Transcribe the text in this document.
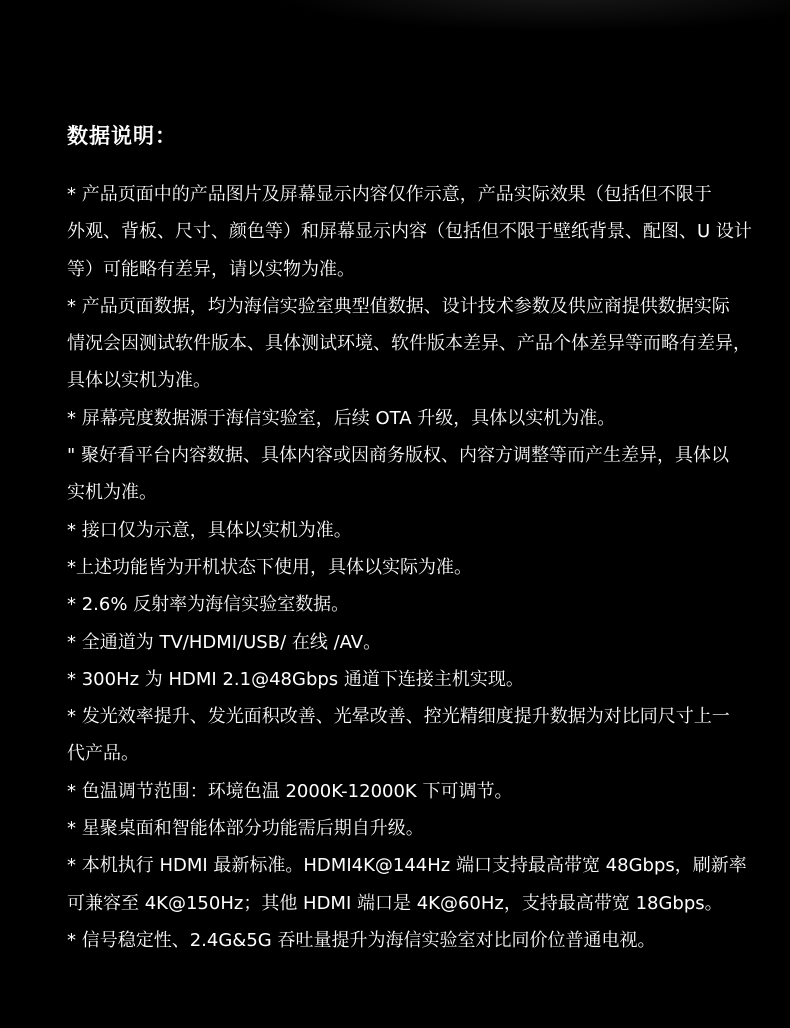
数据说明：
* 产品页面中的产品图片及屏幕显示内容仅作示意，产品实际效果（包括但不限于
外观、背板、尺寸、颜色等）和屏幕显示内容（包括但不限于壁纸背景、配图、U 设计
等）可能略有差异，请以实物为准。
* 产品页面数据，均为海信实验室典型值数据、设计技术参数及供应商提供数据实际
情况会因测试软件版本、具体测试环境、软件版本差异、产品个体差异等而略有差异，
具体以实机为准。
* 屏幕亮度数据源于海信实验室，后续 OTA 升级，具体以实机为准。
" 聚好看平台内容数据、具体内容或因商务版权、内容方调整等而产生差异，具体以
实机为准。
* 接口仅为示意，具体以实机为准。
*上述功能皆为开机状态下使用，具体以实际为准。
* 2.6% 反射率为海信实验室数据。
* 全通道为 TV/HDMI/USB/ 在线 /AV。
* 300Hz 为 HDMI 2.1@48Gbps 通道下连接主机实现。
* 发光效率提升、发光面积改善、光晕改善、控光精细度提升数据为对比同尺寸上一
代产品。
* 色温调节范围：环境色温 2000K-12000K 下可调节。
* 星聚桌面和智能体部分功能需后期自升级。
* 本机执行 HDMI 最新标准。HDMI4K@144Hz 端口支持最高带宽 48Gbps，刷新率
可兼容至 4K@150Hz；其他 HDMI 端口是 4K@60Hz，支持最高带宽 18Gbps。
* 信号稳定性、2.4G&5G 吞吐量提升为海信实验室对比同价位普通电视。
